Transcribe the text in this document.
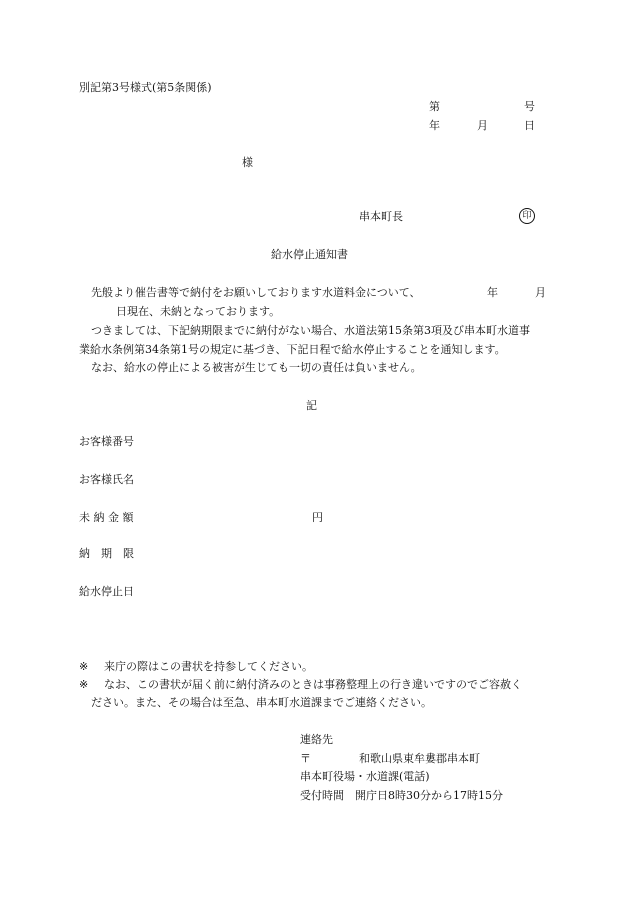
別記第3号様式(第5条関係)
第	号
年	月	日
様
串本町長	印
給水停止通知書
先般より催告書等で納付をお願いしております水道料金について、	年	月
日現在、未納となっております。
つきましては、下記納期限までに納付がない場合、水道法第15条第3項及び串本町水道事
業給水条例第34条第1号の規定に基づき、下記日程で給水停止することを通知します。
なお、給水の停止による被害が生じても一切の責任は負いません。
記
お客様番号
お客様氏名
未 納 金 額	円
納　期　限
給水停止日
※ 来庁の際はこの書状を持参してください。
※ なお、この書状が届く前に納付済みのときは事務整理上の行き違いですのでご容赦く
ださい。また、その場合は至急、串本町水道課までご連絡ください。
連絡先
〒	和歌山県東牟婁郡串本町
串本町役場・水道課(電話)
受付時間　開庁日8時30分から17時15分
